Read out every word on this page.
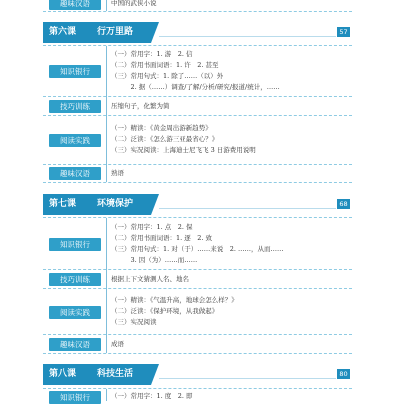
趣味汉语	中国的武侠小说
第六课 行万里路	57
知识银行
（一）常用字：1. 游　2. 信
（二）常用书面词语：1. 许　2. 甚至
（三）常用句式：1. 除了……（以）外
　　　2. 据（……）调查/了解/分析/研究/报道/统计，……
技巧训练	压缩句子，化繁为简
阅读实践
（一）精读：《黄金周出游新趋势》
（二）泛读：《怎么游三亚最省心？》
（三）实况阅读：上海迪士尼飞飞 3 日游费用说明
趣味汉语	熟语
第七课 环境保护	68
知识银行
（一）常用字：1. 点　2. 保
（二）常用书面词语：1. 逐　2. 致
（三）常用句式：1. 对（于）……来说　2. ……，从而……
　　　3. 因（为）……而……
技巧训练	根据上下文猜测人名、地名
阅读实践
（一）精读：《气温升高，地球会怎么样？》
（二）泛读：《保护环境，从我做起》
（三）实况阅读
趣味汉语	成语
第八课 科技生活	80
知识银行	（一）常用字：1. 度　2. 即
